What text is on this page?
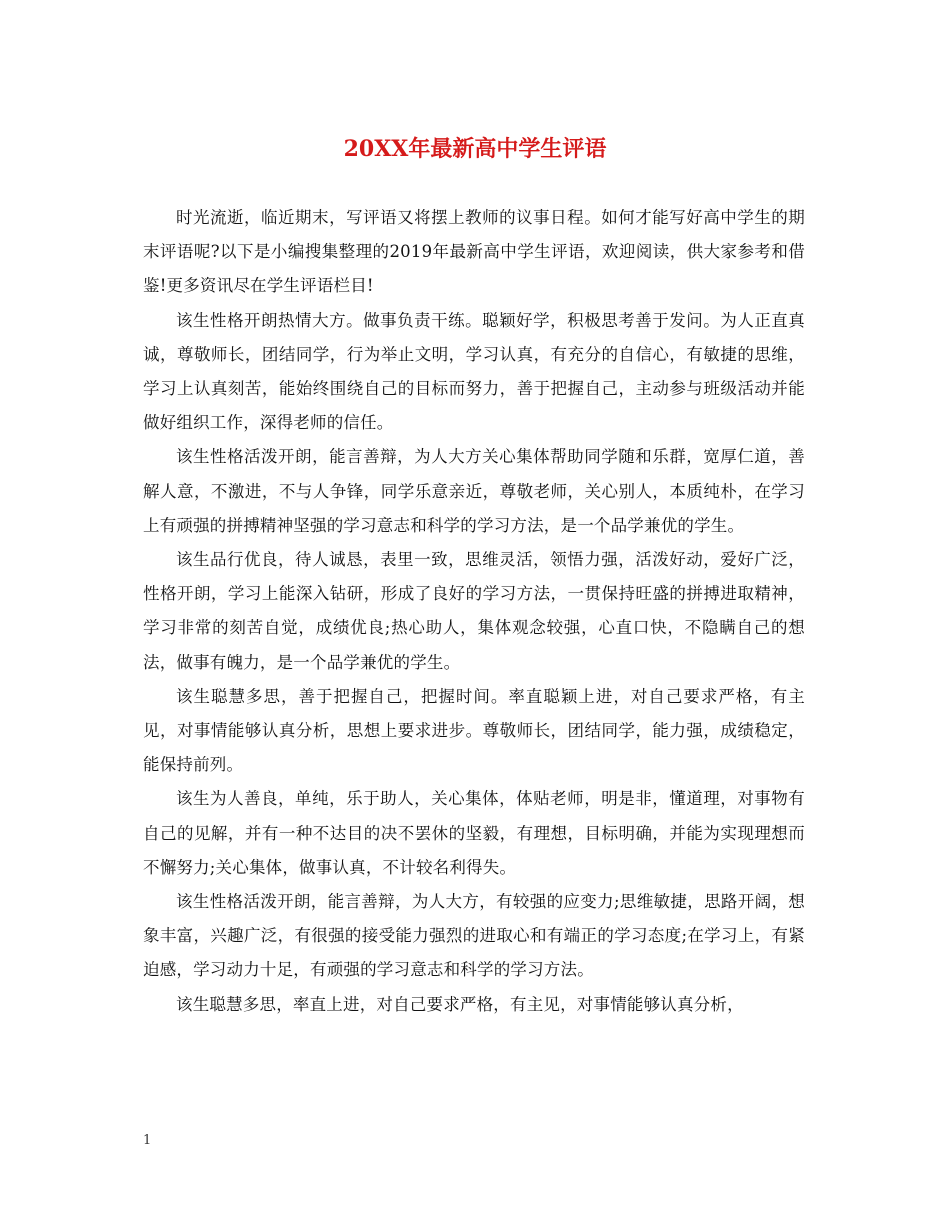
20XX年最新高中学生评语

时光流逝，临近期末，写评语又将摆上教师的议事日程。如何才能写好高中学生的期末评语呢?以下是小编搜集整理的2019年最新高中学生评语，欢迎阅读，供大家参考和借鉴!更多资讯尽在学生评语栏目!

该生性格开朗热情大方。做事负责干练。聪颖好学，积极思考善于发问。为人正直真诚，尊敬师长，团结同学，行为举止文明，学习认真，有充分的自信心，有敏捷的思维，学习上认真刻苦，能始终围绕自己的目标而努力，善于把握自己，主动参与班级活动并能做好组织工作，深得老师的信任。

该生性格活泼开朗，能言善辩，为人大方关心集体帮助同学随和乐群，宽厚仁道，善解人意，不激进，不与人争锋，同学乐意亲近，尊敬老师，关心别人，本质纯朴，在学习上有顽强的拼搏精神坚强的学习意志和科学的学习方法，是一个品学兼优的学生。

该生品行优良，待人诚恳，表里一致，思维灵活，领悟力强，活泼好动，爱好广泛，性格开朗，学习上能深入钻研，形成了良好的学习方法，一贯保持旺盛的拼搏进取精神，学习非常的刻苦自觉，成绩优良;热心助人，集体观念较强，心直口快，不隐瞒自己的想法，做事有魄力，是一个品学兼优的学生。

该生聪慧多思，善于把握自己，把握时间。率直聪颖上进，对自己要求严格，有主见，对事情能够认真分析，思想上要求进步。尊敬师长，团结同学，能力强，成绩稳定，能保持前列。

该生为人善良，单纯，乐于助人，关心集体，体贴老师，明是非，懂道理，对事物有自己的见解，并有一种不达目的决不罢休的坚毅，有理想，目标明确，并能为实现理想而不懈努力;关心集体，做事认真，不计较名利得失。

该生性格活泼开朗，能言善辩，为人大方，有较强的应变力;思维敏捷，思路开阔，想象丰富，兴趣广泛，有很强的接受能力强烈的进取心和有端正的学习态度;在学习上，有紧迫感，学习动力十足，有顽强的学习意志和科学的学习方法。

该生聪慧多思，率直上进，对自己要求严格，有主见，对事情能够认真分析，

1
